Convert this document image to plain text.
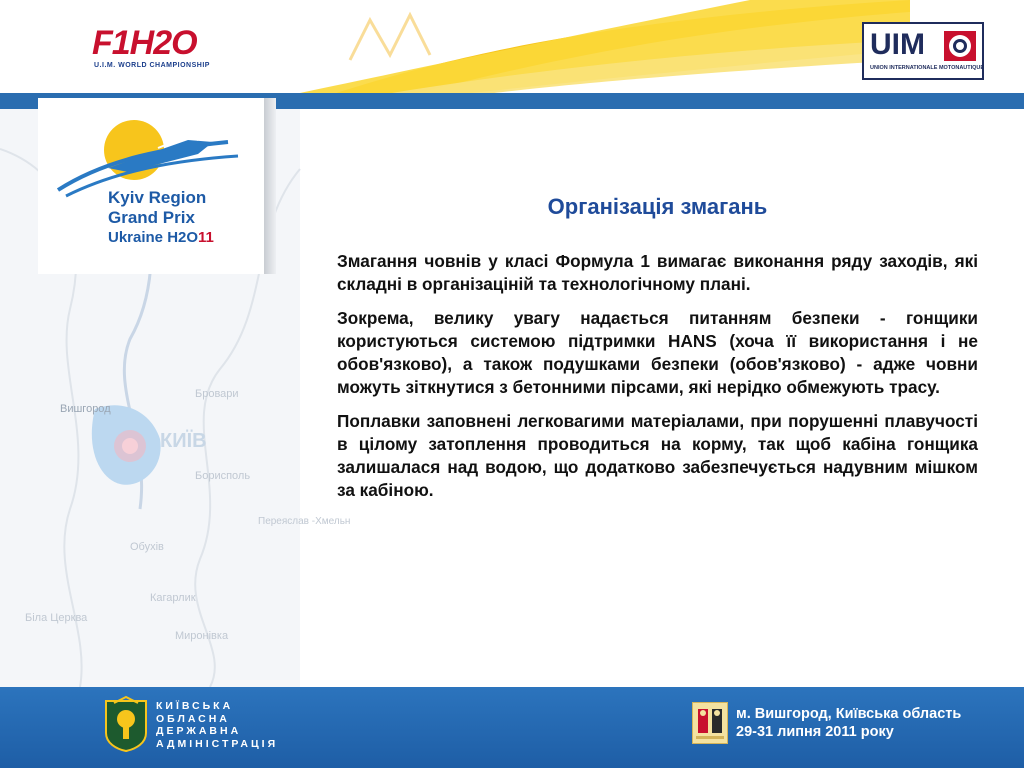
F1H2O
U.I.M. WORLD CHAMPIONSHIP
UIM
UNION INTERNATIONALE MOTONAUTIQUE
Вишгород
КИЇВ
Бровари
Борисполь
Обухів
Кагарлик
Біла Церква
Миронівка
Переяслав -Хмельн
Kyiv Region
Grand Prix
Ukraine H2O11
Організація змагань

Змагання човнів у класі Формула 1 вимагає виконання ряду заходів, які складні в організаціній та технологічному плані.

Зокрема, велику увагу надається питанням безпеки - гонщики користуються системою підтримки HANS (хоча її використання і не обов'язково), а також подушками безпеки (обов'язково) - адже човни можуть зіткнутися з бетонними пірсами, які нерідко обмежують трасу.

Поплавки заповнені легковагими матеріалами, при порушенні плавучості в цілому затоплення проводиться на корму, так щоб кабіна гонщика залишалася над водою, що додатково забезпечується надувним мішком за кабіною.

КИЇВСЬКА
ОБЛАСНА
ДЕРЖАВНА
АДМІНІСТРАЦІЯ
м. Вишгород, Київська область
29-31 липня 2011 року
